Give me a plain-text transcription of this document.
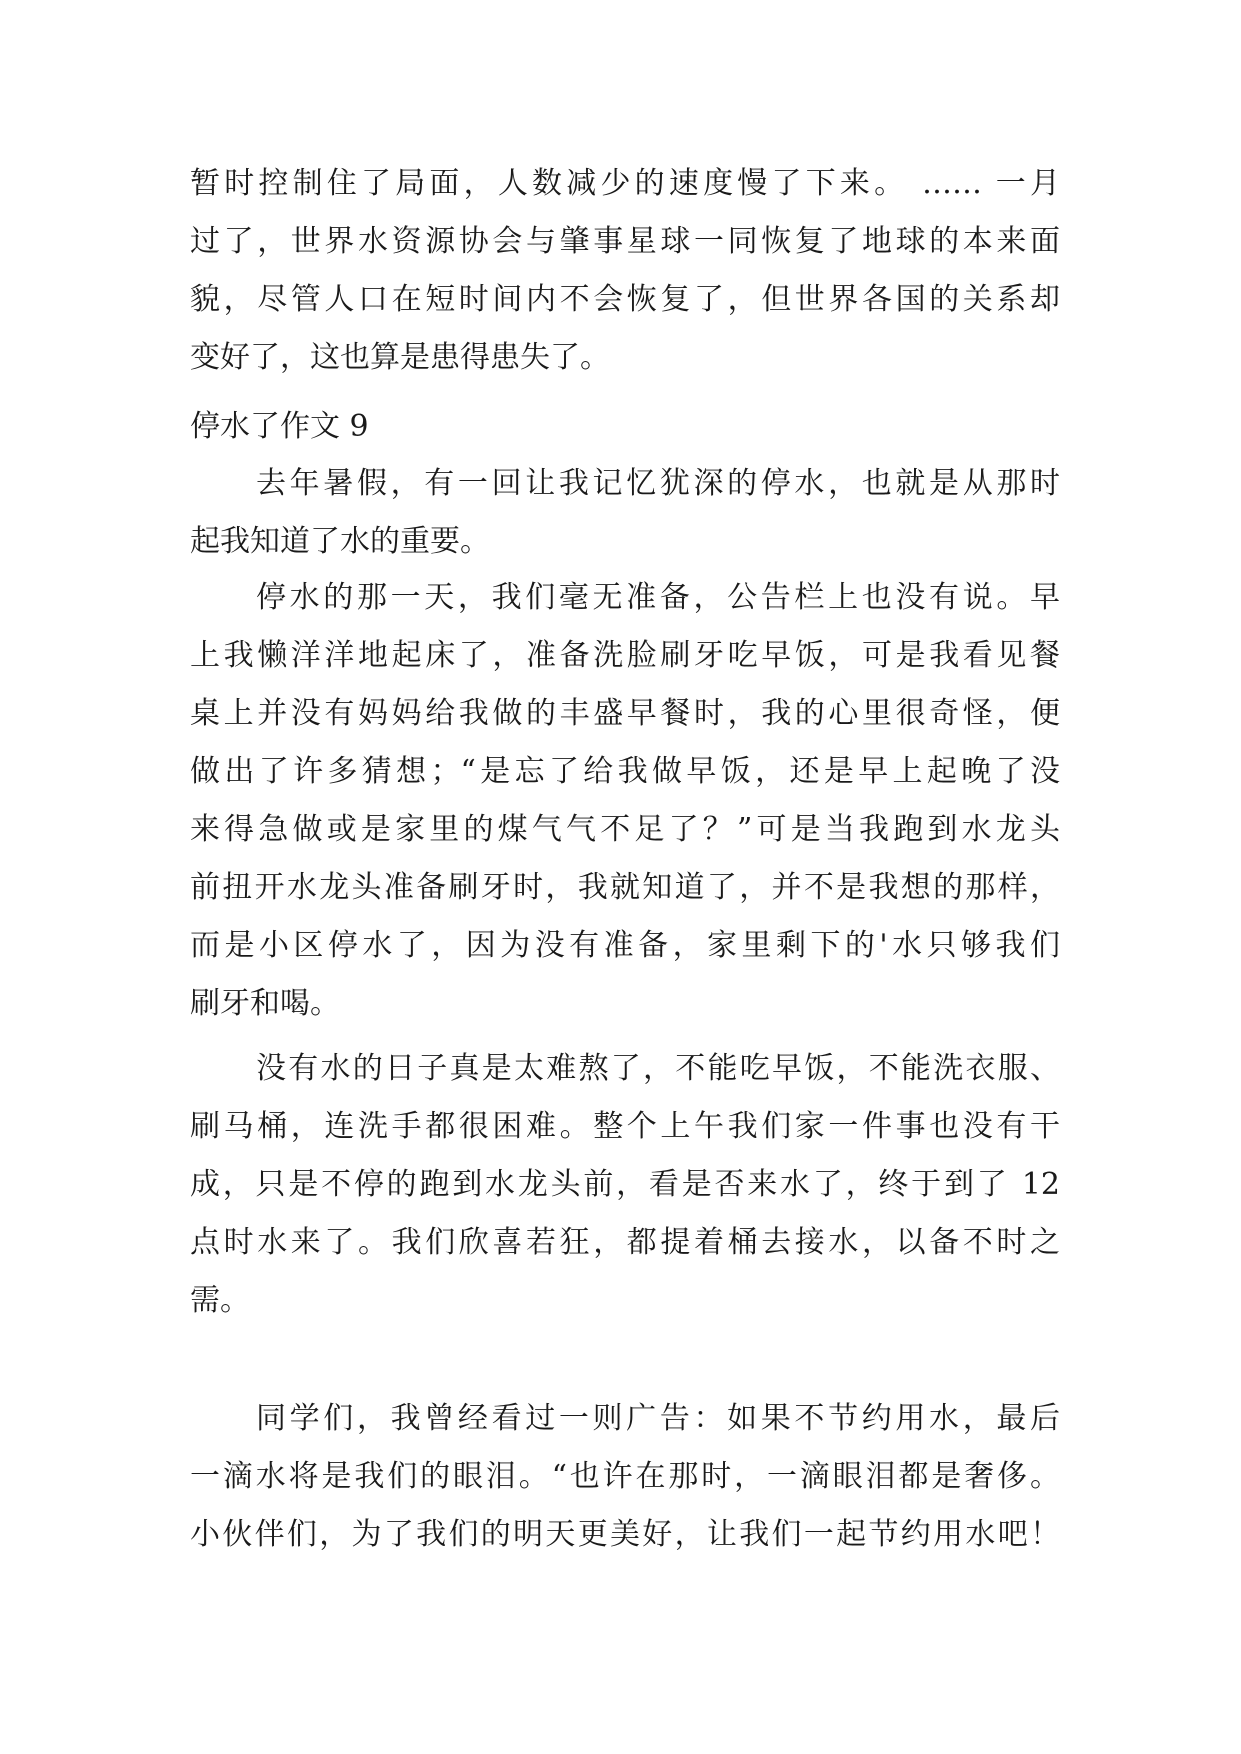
暂时控制住了局面，人数减少的速度慢了下来。 …… 一月
过了，世界水资源协会与肇事星球一同恢复了地球的本来面
貌，尽管人口在短时间内不会恢复了，但世界各国的关系却
变好了，这也算是患得患失了。
停水了作文 9
去年暑假，有一回让我记忆犹深的停水，也就是从那时
起我知道了水的重要。
停水的那一天，我们毫无准备，公告栏上也没有说。早
上我懒洋洋地起床了，准备洗脸刷牙吃早饭，可是我看见餐
桌上并没有妈妈给我做的丰盛早餐时，我的心里很奇怪，便
做出了许多猜想；“是忘了给我做早饭，还是早上起晚了没
来得急做或是家里的煤气气不足了？”可是当我跑到水龙头
前扭开水龙头准备刷牙时，我就知道了，并不是我想的那样，
而是小区停水了，因为没有准备，家里剩下的'水只够我们
刷牙和喝。
没有水的日子真是太难熬了，不能吃早饭，不能洗衣服、
刷马桶，连洗手都很困难。整个上午我们家一件事也没有干
成，只是不停的跑到水龙头前，看是否来水了，终于到了 12
点时水来了。我们欣喜若狂，都提着桶去接水，以备不时之
需。
同学们，我曾经看过一则广告：如果不节约用水，最后
一滴水将是我们的眼泪。“也许在那时，一滴眼泪都是奢侈。
小伙伴们，为了我们的明天更美好，让我们一起节约用水吧！
